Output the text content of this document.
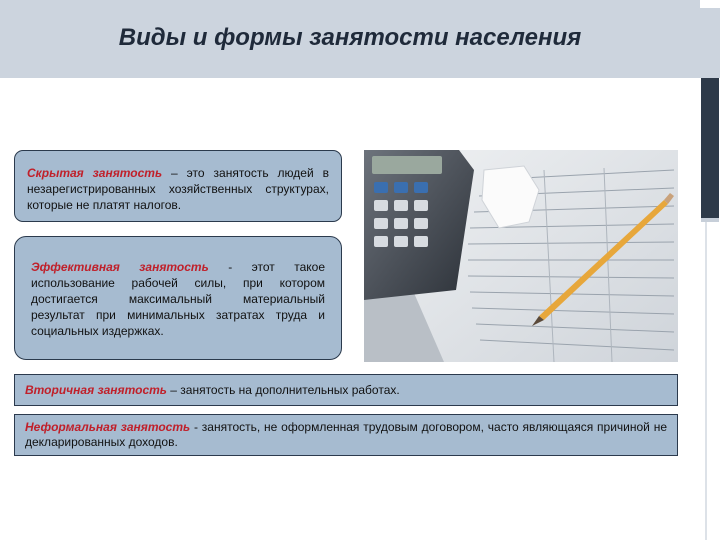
Виды и формы занятости населения
Скрытая занятость – это занятость людей в незарегистрированных хозяйственных структурах, которые не платят налогов.
Эффективная занятость - этот такое использование рабочей силы, при котором достигается максимальный материальный результат при минимальных затратах труда и социальных издержках.
Вторичная занятость – занятость на дополнительных работах.
Неформальная занятость - занятость, не оформленная трудовым договором, часто являющаяся причиной не декларированных доходов.
